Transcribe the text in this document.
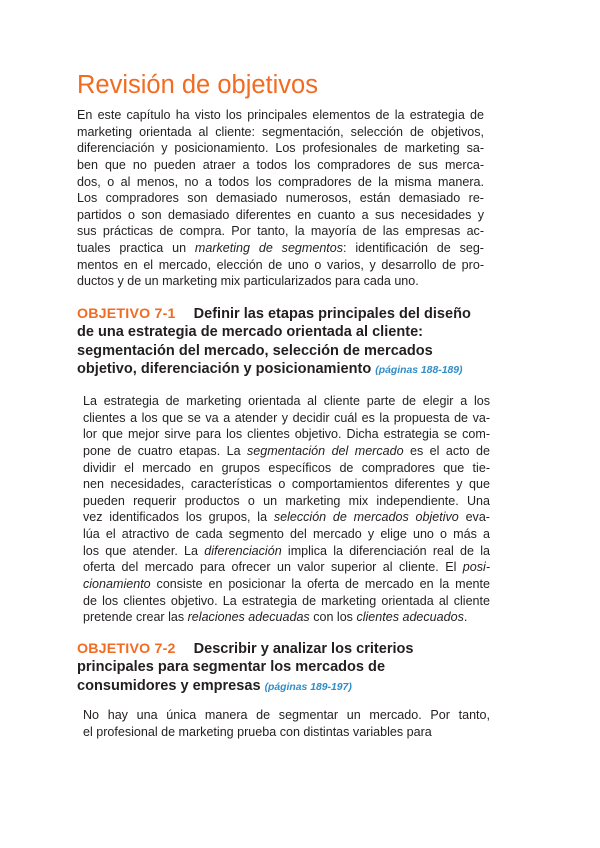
Revisión de objetivos
En este capítulo ha visto los principales elementos de la estrategia de
marketing orientada al cliente: segmentación, selección de objetivos,
diferenciación y posicionamiento. Los profesionales de marketing sa-
ben que no pueden atraer a todos los compradores de sus merca-
dos, o al menos, no a todos los compradores de la misma manera.
Los compradores son demasiado numerosos, están demasiado re-
partidos o son demasiado diferentes en cuanto a sus necesidades y
sus prácticas de compra. Por tanto, la mayoría de las empresas ac-
tuales practica un marketing de segmentos: identificación de seg-
mentos en el mercado, elección de uno o varios, y desarrollo de pro-
ductos y de un marketing mix particularizados para cada uno.
OBJETIVO 7-1 Definir las etapas principales del diseño
de una estrategia de mercado orientada al cliente:
segmentación del mercado, selección de mercados
objetivo, diferenciación y posicionamiento (páginas 188-189)
La estrategia de marketing orientada al cliente parte de elegir a los
clientes a los que se va a atender y decidir cuál es la propuesta de va-
lor que mejor sirve para los clientes objetivo. Dicha estrategia se com-
pone de cuatro etapas. La segmentación del mercado es el acto de
dividir el mercado en grupos específicos de compradores que tie-
nen necesidades, características o comportamientos diferentes y que
pueden requerir productos o un marketing mix independiente. Una
vez identificados los grupos, la selección de mercados objetivo eva-
lúa el atractivo de cada segmento del mercado y elige uno o más a
los que atender. La diferenciación implica la diferenciación real de la
oferta del mercado para ofrecer un valor superior al cliente. El posi-
cionamiento consiste en posicionar la oferta de mercado en la mente
de los clientes objetivo. La estrategia de marketing orientada al cliente
pretende crear las relaciones adecuadas con los clientes adecuados.
OBJETIVO 7-2 Describir y analizar los criterios
principales para segmentar los mercados de
consumidores y empresas (páginas 189-197)
No hay una única manera de segmentar un mercado. Por tanto,
el profesional de marketing prueba con distintas variables para
